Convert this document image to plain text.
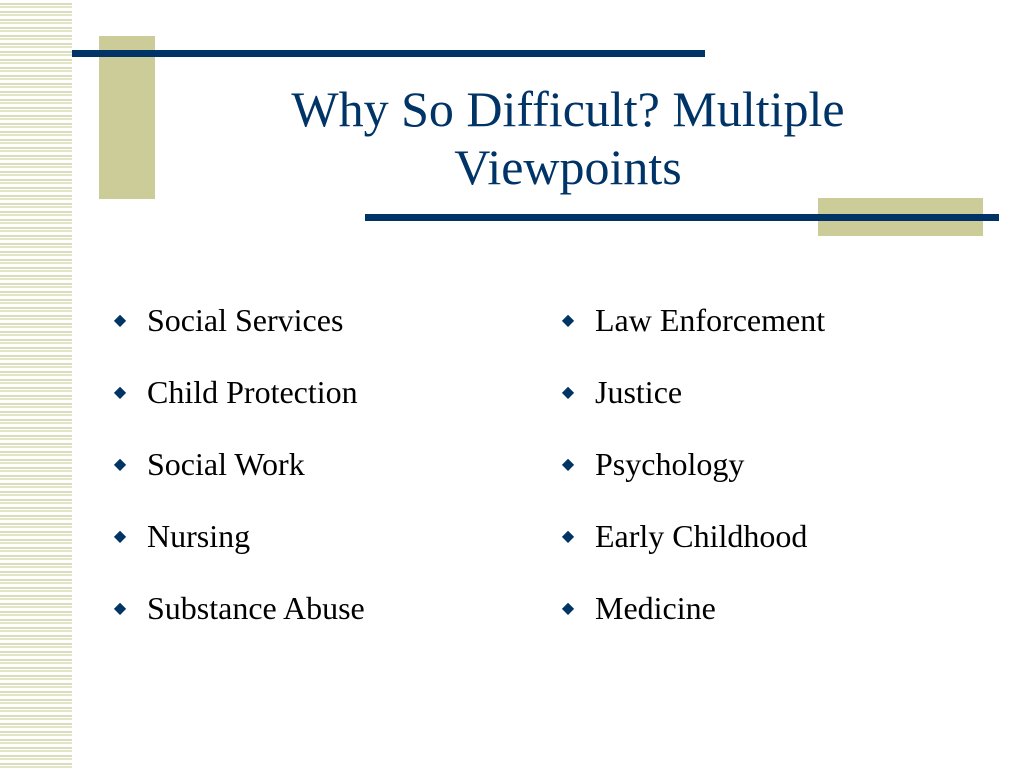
Why So Difficult? Multiple
Viewpoints
◆ Social Services
◆ Child Protection
◆ Social Work
◆ Nursing
◆ Substance Abuse
◆ Law Enforcement
◆ Justice
◆ Psychology
◆ Early Childhood
◆ Medicine
